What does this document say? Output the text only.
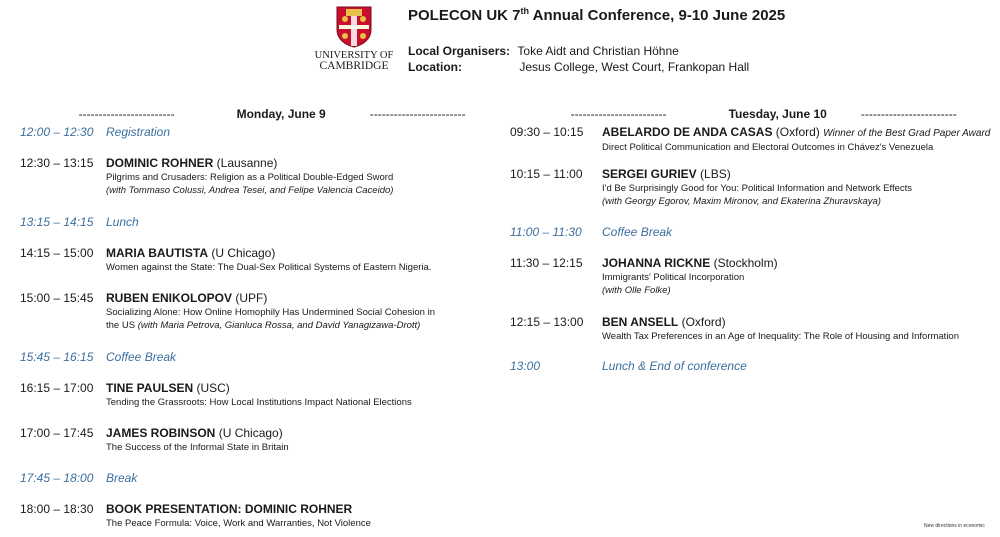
UNIVERSITY OF
CAMBRIDGE
POLECON UK 7th Annual Conference, 9-10 June 2025
Local Organisers: Toke Aidt and Christian Höhne
Location:	Jesus College, West Court, Frankopan Hall

------------------------	Monday, June 9	------------------------	------------------------	Tuesday, June 10	------------------------

12:00 – 12:30 Registration
12:30 – 13:15 DOMINIC ROHNER (Lausanne)
Pilgrims and Crusaders: Religion as a Political Double-Edged Sword
(with Tommaso Colussi, Andrea Tesei, and Felipe Valencia Caceido)
13:15 – 14:15 Lunch
14:15 – 15:00 MARIA BAUTISTA (U Chicago)
Women against the State: The Dual-Sex Political Systems of Eastern Nigeria.
15:00 – 15:45 RUBEN ENIKOLOPOV (UPF)
Socializing Alone: How Online Homophily Has Undermined Social Cohesion in
the US (with Maria Petrova, Gianluca Rossa, and David Yanagizawa-Drott)
15:45 – 16:15 Coffee Break
16:15 – 17:00 TINE PAULSEN (USC)
Tending the Grassroots: How Local Institutions Impact National Elections
17:00 – 17:45 JAMES ROBINSON (U Chicago)
The Success of the Informal State in Britain
17:45 – 18:00 Break
18:00 – 18:30 BOOK PRESENTATION: DOMINIC ROHNER
The Peace Formula: Voice, Work and Warranties, Not Violence
09:30 – 10:15 ABELARDO DE ANDA CASAS (Oxford) Winner of the Best Grad Paper Award
Direct Political Communication and Electoral Outcomes in Chávez's Venezuela
10:15 – 11:00 SERGEI GURIEV (LBS)
I'd Be Surprisingly Good for You: Political Information and Network Effects
(with Georgy Egorov, Maxim Mironov, and Ekaterina Zhuravskaya)
11:00 – 11:30 Coffee Break
11:30 – 12:15 JOHANNA RICKNE (Stockholm)
Immigrants' Political Incorporation
(with Olle Folke)
12:15 – 13:00 BEN ANSELL (Oxford)
Wealth Tax Preferences in an Age of Inequality: The Role of Housing and Information
13:00	Lunch & End of conference
New directions in economic
